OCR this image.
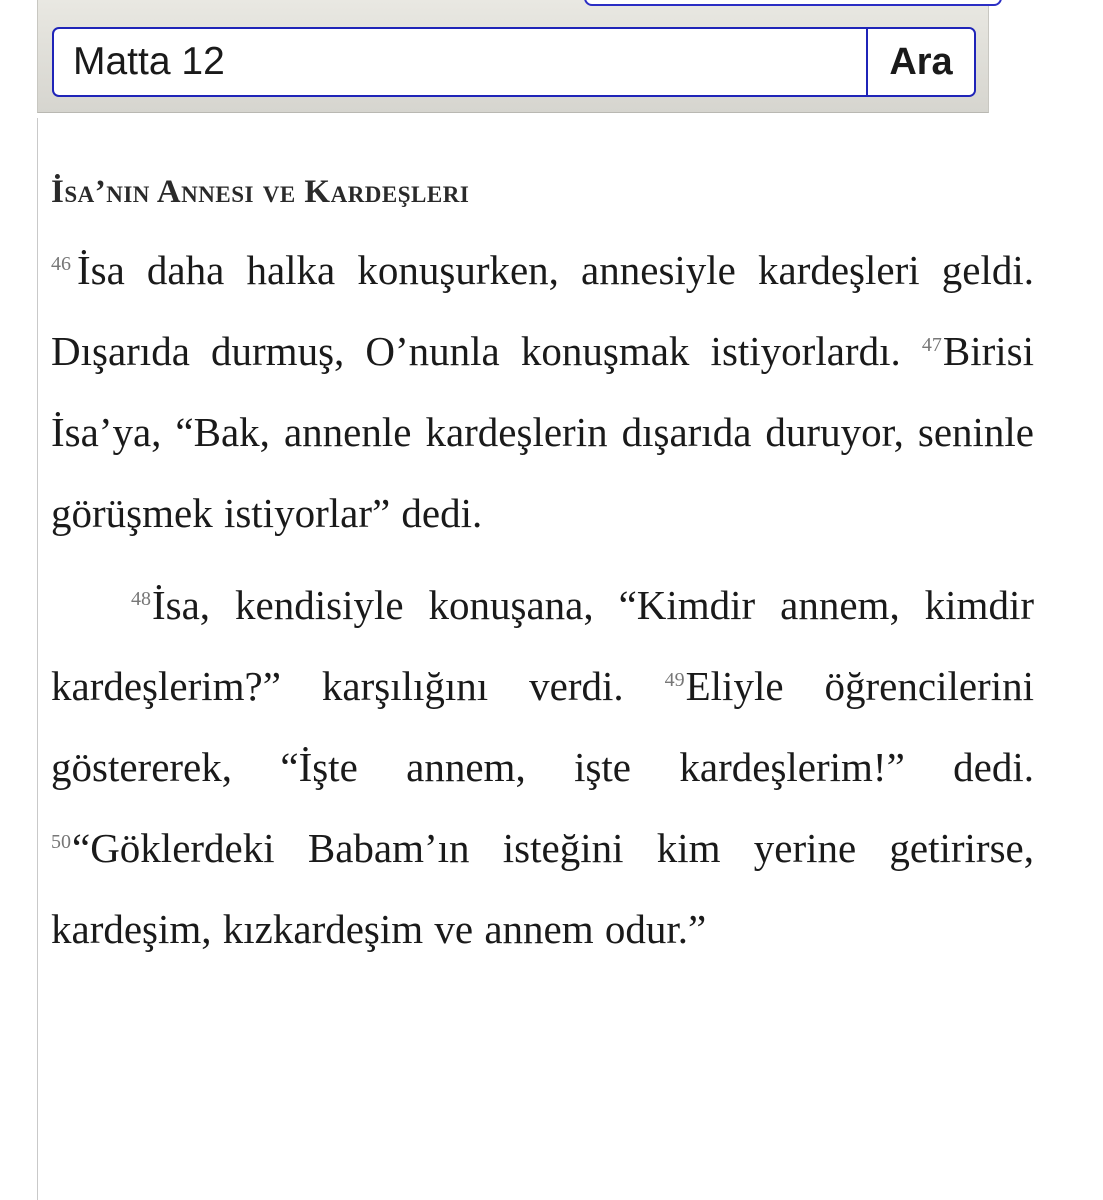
Matta 12
Ara
İsa’nın Annesi ve Kardeşleri

$^{46}$ İsa daha halka konuşurken, annesiyle kardeşleri geldi. Dışarıda durmuş, O’nunla konuşmak istiyorlardı. $^{47}$Birisi İsa’ya, “Bak, annenle kardeşlerin dışarıda duruyor, seninle görüşmek istiyorlar” dedi.

$^{48}$İsa, kendisiyle konuşana, “Kimdir annem, kimdir kardeşlerim?” karşılığını verdi. $^{49}$Eliyle öğrencilerini göstererek, “İşte annem, işte kardeşlerim!” dedi. $^{50}$“Göklerdeki Babam’ın isteğini kim yerine getirirse, kardeşim, kızkardeşim ve annem odur.”
